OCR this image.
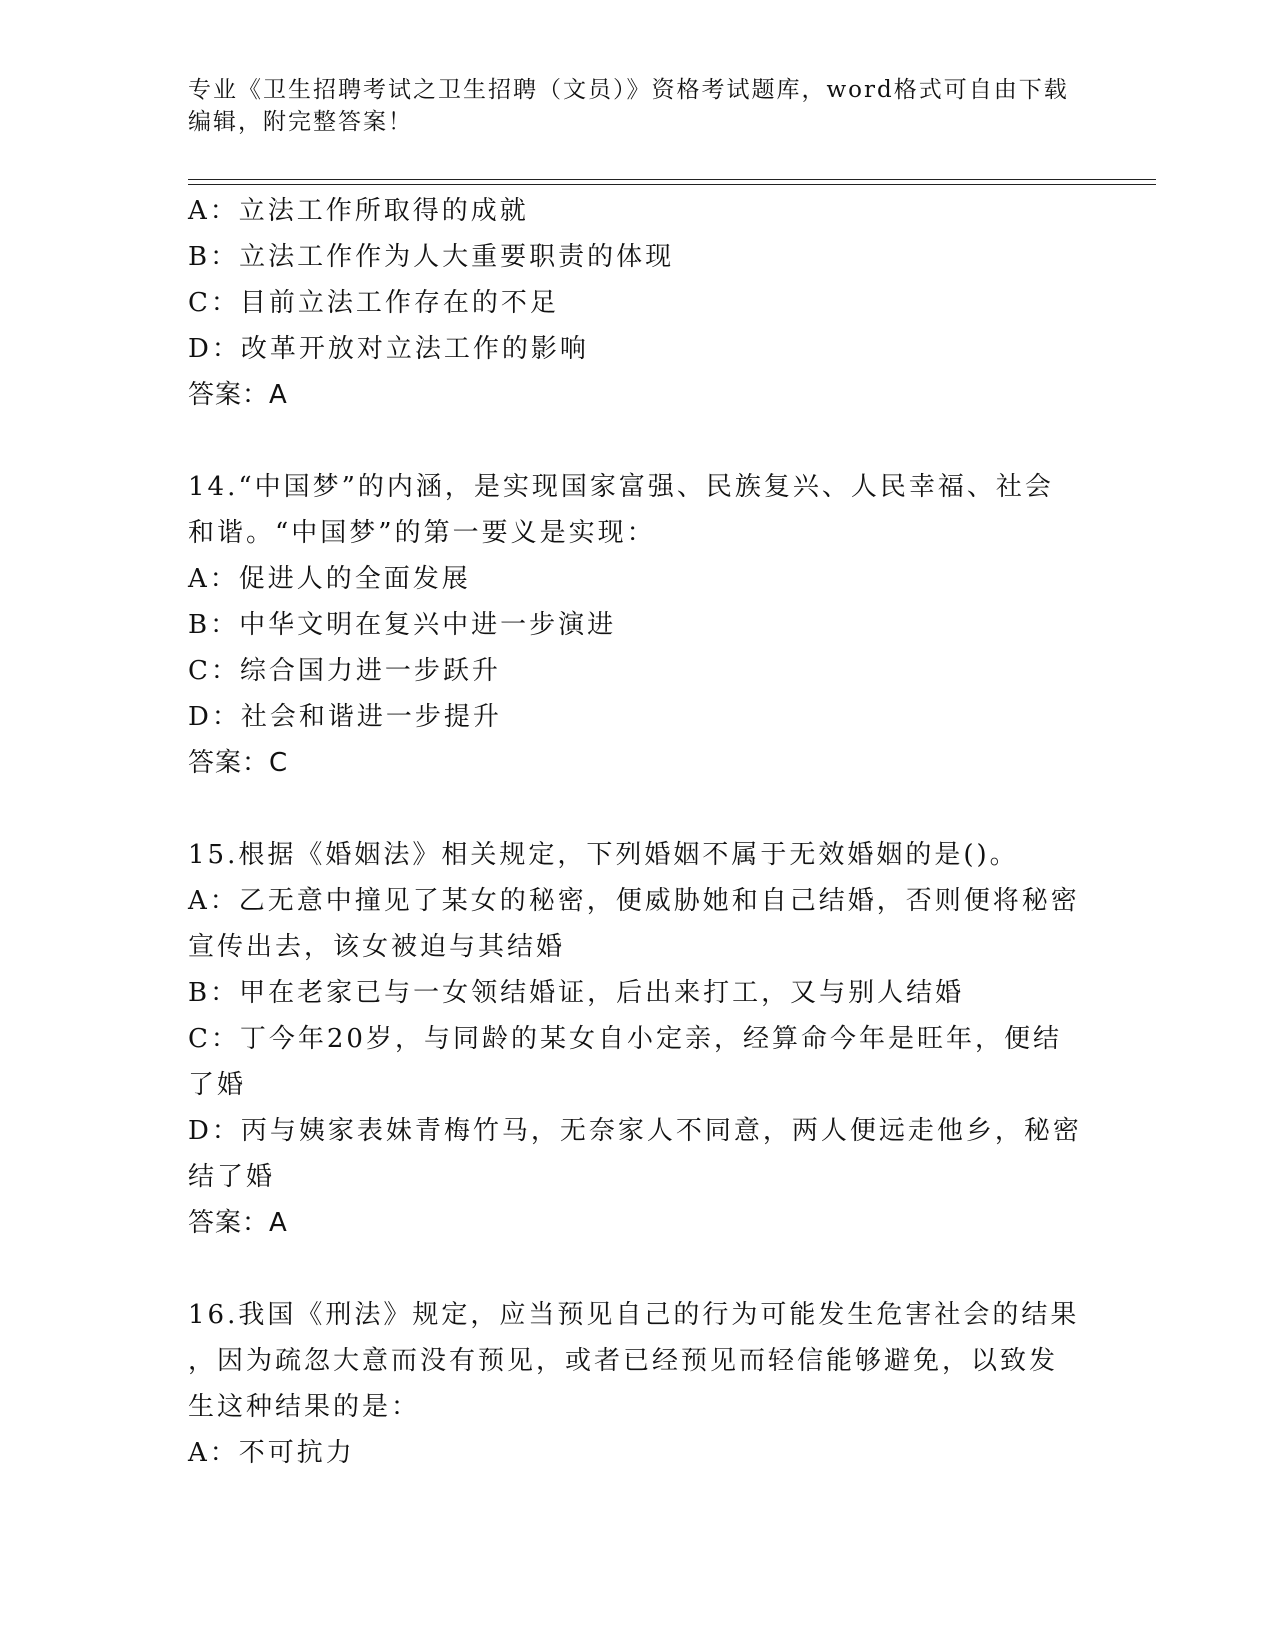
专业《卫生招聘考试之卫生招聘（文员）》资格考试题库，word格式可自由下载
编辑，附完整答案！
A：立法工作所取得的成就
B：立法工作作为人大重要职责的体现
C：目前立法工作存在的不足
D：改革开放对立法工作的影响
答案：A
14.“中国梦”的内涵，是实现国家富强、民族复兴、人民幸福、社会
和谐。“中国梦”的第一要义是实现：
A：促进人的全面发展
B：中华文明在复兴中进一步演进
C：综合国力进一步跃升
D：社会和谐进一步提升
答案：C
15.根据《婚姻法》相关规定，下列婚姻不属于无效婚姻的是()。
A：乙无意中撞见了某女的秘密，便威胁她和自己结婚，否则便将秘密
宣传出去，该女被迫与其结婚
B：甲在老家已与一女领结婚证，后出来打工，又与别人结婚
C：丁今年20岁，与同龄的某女自小定亲，经算命今年是旺年，便结
了婚
D：丙与姨家表妹青梅竹马，无奈家人不同意，两人便远走他乡，秘密
结了婚
答案：A
16.我国《刑法》规定，应当预见自己的行为可能发生危害社会的结果
，因为疏忽大意而没有预见，或者已经预见而轻信能够避免，以致发
生这种结果的是：
A：不可抗力
